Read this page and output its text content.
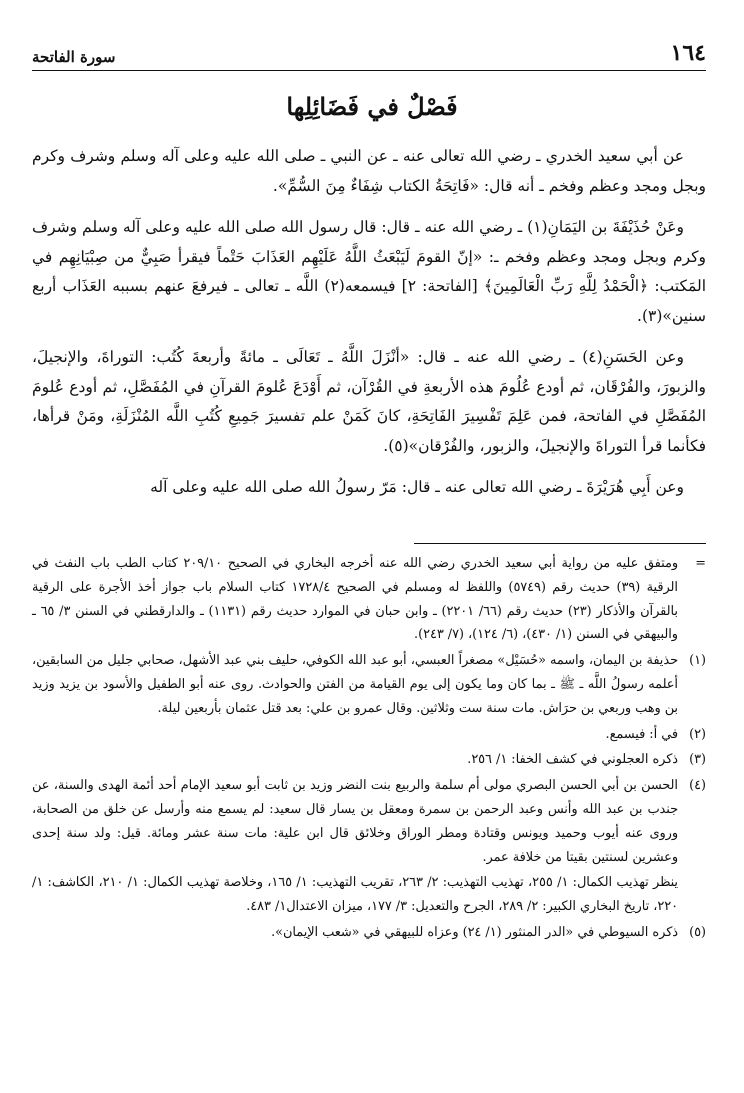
١٦٤
سورة الفاتحة
فَصْلٌ في فَضَائِلِها

عن أبي سعيد الخدري ـ رضي الله تعالى عنه ـ عن النبي ـ صلى الله عليه وعلى آله وسلم وشرف وكرم وبجل ومجد وعظم وفخم ـ أنه قال: «فَاتِحَةُ الكتاب شِفَاءٌ مِنَ السُّمِّ».

وعَنْ حُذَيْفَةَ بن اليَمَانِ(١) ـ رضي الله عنه ـ قال: قال رسول الله صلى الله عليه وعلى آله وسلم وشرف وكرم وبجل ومجد وعظم وفخم ـ: «إنّ القومَ لَيَبْعَثُ اللَّهُ عَلَيْهِم العَذَابَ حَتْماً فيقرأ صَبِيٌّ من صِبْيَانِهِم في المَكتب: ﴿الْحَمْدُ لِلَّهِ رَبِّ الْعَالَمِينَ﴾ [الفاتحة: ٢] فيسمعه(٢) اللَّه ـ تعالى ـ فيرفعَ عنهم بسببه العَذَاب أربع سنين»(٣).

وعن الحَسَنِ(٤) ـ رضي الله عنه ـ قال: «أنْزَلَ اللَّهُ ـ تَعَالَى ـ مائةً وأربعةَ كُتُب: التوراةَ، والإنجيلَ، والزبورَ، والفُرْقَان، ثم أودع عُلُومَ هذه الأربعةِ في القُرْآن، ثم أَوْدَعَ عُلومَ القرآنِ في المُفَصَّلِ، ثم أودع عُلومَ المُفَصَّلِ في الفاتحة، فمن عَلِمَ تَفْسِيرَ الفَاتِحَةِ، كانَ كَمَنْ علم تفسيرَ جَمِيعِ كُتُبِ اللَّه المُنْزَلَةِ، ومَنْ قرأها، فكأنما قرأ التوراةَ والإنجيلَ، والزبور، والفُرْقان»(٥).

وعن أَبِي هُرَيْرَةَ ـ رضي الله تعالى عنه ـ قال: مَرّ رسولُ الله صلى الله عليه وعلى آله

=
ومتفق عليه من رواية أبي سعيد الخدري رضي الله عنه أخرجه البخاري في الصحيح ٢٠٩/١٠ كتاب الطب باب النفث في الرقية (٣٩) حديث رقم (٥٧٤٩) واللفظ له ومسلم في الصحيح ١٧٢٨/٤ كتاب السلام باب جواز أخذ الأجرة على الرقية بالقرآن والأذكار (٢٣) حديث رقم (٦٦/ ٢٢٠١) ـ وابن حبان في الموارد حديث رقم (١١٣١) ـ والدارقطني في السنن ٣/ ٦٥ ـ والبيهقي في السنن (١/ ٤٣٠)، (٦/ ١٢٤)، (٧/ ٢٤٣).
(١)
حذيفة بن اليمان، واسمه «حُسَيْل» مصغراً العبسي، أبو عبد الله الكوفي، حليف بني عبد الأشهل، صحابي جليل من السابقين، أعلمه رسولُ اللَّه ـ ﷺ ـ بما كان وما يكون إلى يوم القيامة من الفتن والحوادث. روى عنه أبو الطفيل والأسود بن يزيد وزيد بن وهب وربعي بن حرَاش. مات سنة ست وثلاثين. وقال عمرو بن علي: بعد قتل عثمان بأربعين ليلة.
(٢)
في أ: فيسمع.
(٣)
ذكره العجلوني في كشف الخفا: ١/ ٢٥٦.
(٤)
الحسن بن أبي الحسن البصري مولى أم سلمة والربيع بنت النضر وزيد بن ثابت أبو سعيد الإمام أحد أئمة الهدى والسنة، عن جندب بن عبد الله وأنس وعبد الرحمن بن سمرة ومعقل بن يسار قال سعيد: لم يسمع منه وأرسل عن خلق من الصحابة، وروى عنه أيوب وحميد ويونس وقتادة ومطر الوراق وخلائق قال ابن علية: مات سنة عشر ومائة. قيل: ولد سنة إحدى وعشرين لسنتين بقيتا من خلافة عمر.
ينظر تهذيب الكمال: ١/ ٢٥٥، تهذيب التهذيب: ٢/ ٢٦٣، تقريب التهذيب: ١/ ١٦٥، وخلاصة تهذيب الكمال: ١/ ٢١٠، الكاشف: ١/ ٢٢٠، تاريخ البخاري الكبير: ٢/ ٢٨٩، الجرح والتعديل: ٣/ ١٧٧، ميزان الاعتدال١/ ٤٨٣.
(٥)
ذكره السيوطي في «الدر المنثور (١/ ٢٤) وعزاه للبيهقي في «شعب الإيمان».
